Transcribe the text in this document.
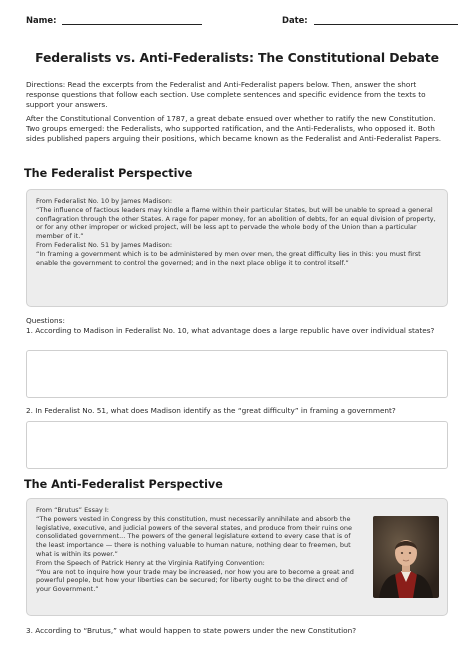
Name:	Date:
Federalists vs. Anti-Federalists: The Constitutional Debate
Directions: Read the excerpts from the Federalist and Anti-Federalist papers below. Then, answer the short response questions that follow each section. Use complete sentences and specific evidence from the texts to support your answers.
After the Constitutional Convention of 1787, a great debate ensued over whether to ratify the new Constitution. Two groups emerged: the Federalists, who supported ratification, and the Anti-Federalists, who opposed it. Both sides published papers arguing their positions, which became known as the Federalist and Anti-Federalist Papers.
The Federalist Perspective

From Federalist No. 10 by James Madison:

“The influence of factious leaders may kindle a flame within their particular States, but will be unable to spread a general conflagration through the other States. A rage for paper money, for an abolition of debts, for an equal division of property, or for any other improper or wicked project, will be less apt to pervade the whole body of the Union than a particular member of it.”

From Federalist No. 51 by James Madison:

“In framing a government which is to be administered by men over men, the great difficulty lies in this: you must first enable the government to control the governed; and in the next place oblige it to control itself.”

Questions:
1. According to Madison in Federalist No. 10, what advantage does a large republic have over individual states?
2. In Federalist No. 51, what does Madison identify as the “great difficulty” in framing a government?
The Anti-Federalist Perspective

From “Brutus” Essay I:

“The powers vested in Congress by this constitution, must necessarily annihilate and absorb the legislative, executive, and judicial powers of the several states, and produce from their ruins one consolidated government... The powers of the general legislature extend to every case that is of the least importance — there is nothing valuable to human nature, nothing dear to freemen, but what is within its power.”

From the Speech of Patrick Henry at the Virginia Ratifying Convention:

“You are not to inquire how your trade may be increased, nor how you are to become a great and powerful people, but how your liberties can be secured; for liberty ought to be the direct end of your Government.”

3. According to “Brutus,” what would happen to state powers under the new Constitution?
